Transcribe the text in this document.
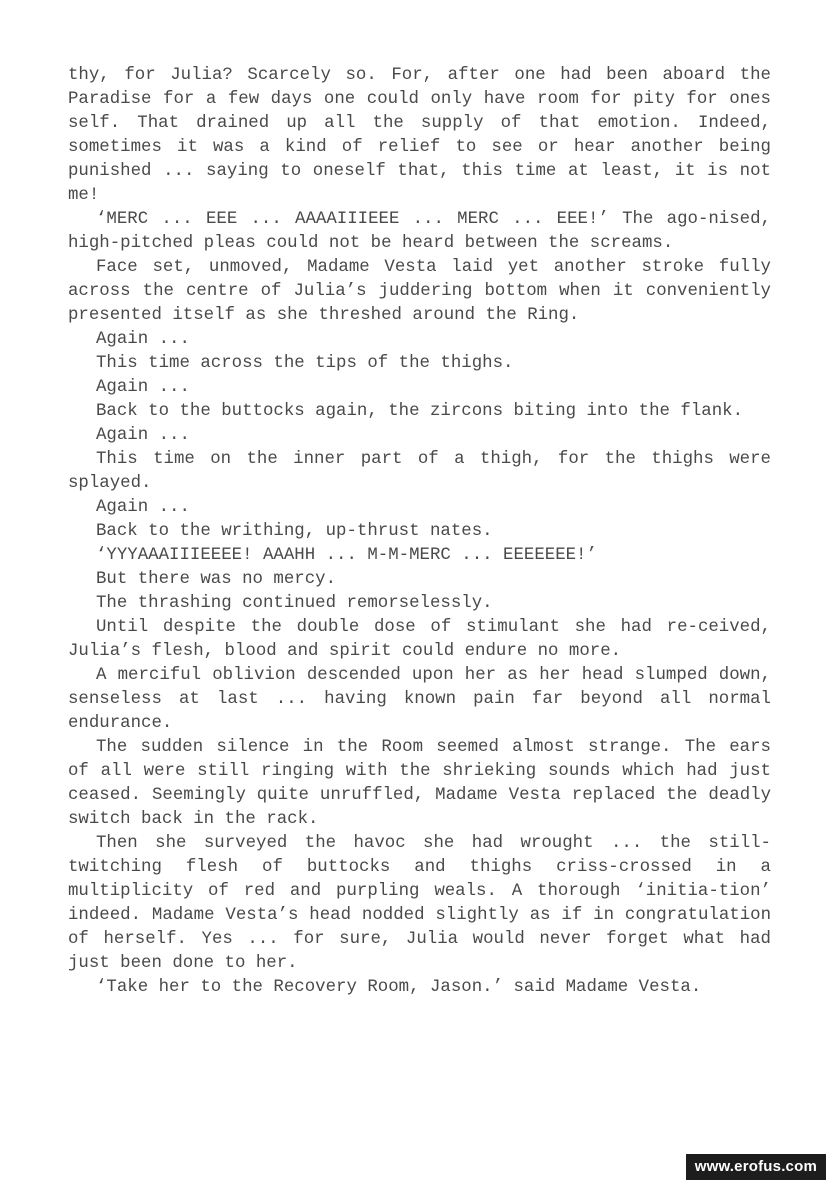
thy, for Julia? Scarcely so. For, after one had been aboard the Paradise for a few days one could only have room for pity for ones self. That drained up all the supply of that emotion. Indeed, sometimes it was a kind of relief to see or hear another being punished ... saying to oneself that, this time at least, it is not me!

‘MERC ... EEE ... AAAAIIIEEE ... MERC ... EEE!’ The ago-nised, high-pitched pleas could not be heard between the screams.

Face set, unmoved, Madame Vesta laid yet another stroke fully across the centre of Julia’s juddering bottom when it conveniently presented itself as she threshed around the Ring.

Again ...

This time across the tips of the thighs.

Again ...

Back to the buttocks again, the zircons biting into the flank.

Again ...

This time on the inner part of a thigh, for the thighs were splayed.

Again ...

Back to the writhing, up-thrust nates.

‘YYYAAAIIIEEEE! AAAHH ... M-M-MERC ... EEEEEEE!’

But there was no mercy.

The thrashing continued remorselessly.

Until despite the double dose of stimulant she had re-ceived, Julia’s flesh, blood and spirit could endure no more.

A merciful oblivion descended upon her as her head slumped down, senseless at last ... having known pain far beyond all normal endurance.

The sudden silence in the Room seemed almost strange. The ears of all were still ringing with the shrieking sounds which had just ceased. Seemingly quite unruffled, Madame Vesta replaced the deadly switch back in the rack.

Then she surveyed the havoc she had wrought ... the still-twitching flesh of buttocks and thighs criss-crossed in a multiplicity of red and purpling weals. A thorough ‘initia-tion’ indeed. Madame Vesta’s head nodded slightly as if in congratulation of herself. Yes ... for sure, Julia would never forget what had just been done to her.

‘Take her to the Recovery Room, Jason.’ said Madame Vesta.

www.erofus.com
